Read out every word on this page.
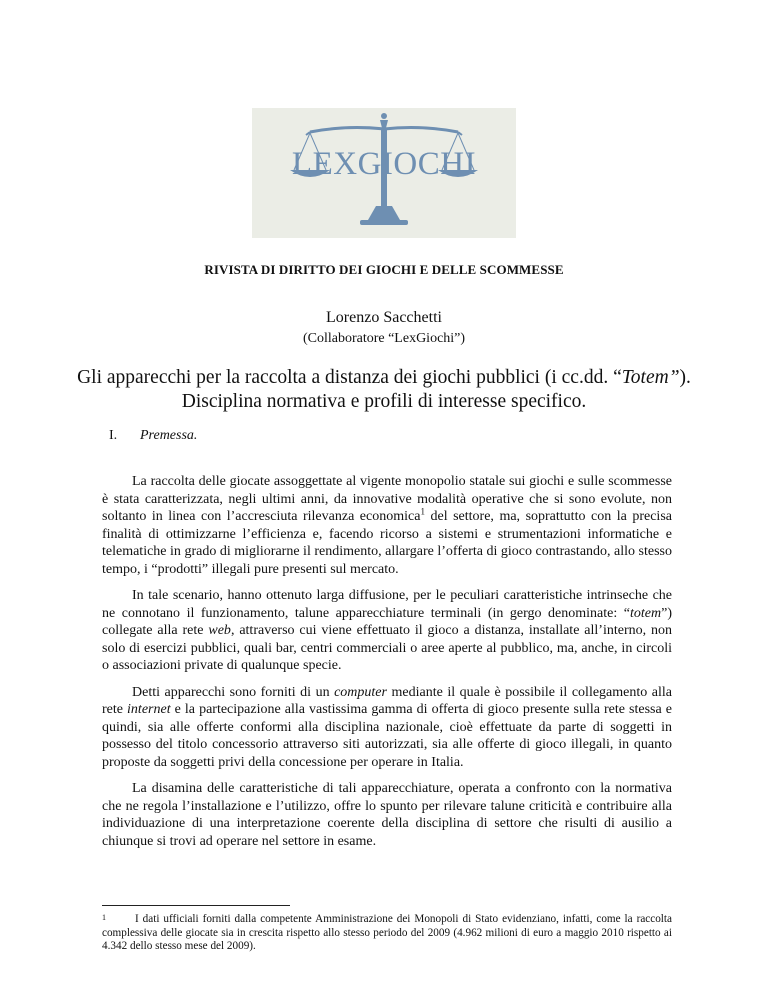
LEXGIOCHI
RIVISTA DI DIRITTO DEI GIOCHI E DELLE SCOMMESSE
Lorenzo Sacchetti
(Collaboratore “LexGiochi”)
Gli apparecchi per la raccolta a distanza dei giochi pubblici (i cc.dd. “Totem”).
Disciplina normativa e profili di interesse specifico.
I. Premessa.

La raccolta delle giocate assoggettate al vigente monopolio statale sui giochi e sulle scommesse è stata caratterizzata, negli ultimi anni, da innovative modalità operative che si sono evolute, non soltanto in linea con l’accresciuta rilevanza economica$^1$ del settore, ma, soprattutto con la precisa finalità di ottimizzarne l’efficienza e, facendo ricorso a sistemi e strumentazioni informatiche e telematiche in grado di migliorarne il rendimento, allargare l’offerta di gioco contrastando, allo stesso tempo, i “prodotti” illegali pure presenti sul mercato.

In tale scenario, hanno ottenuto larga diffusione, per le peculiari caratteristiche intrinseche che ne connotano il funzionamento, talune apparecchiature terminali (in gergo denominate: “totem”) collegate alla rete web, attraverso cui viene effettuato il gioco a distanza, installate all’interno, non solo di esercizi pubblici, quali bar, centri commerciali o aree aperte al pubblico, ma, anche, in circoli o associazioni private di qualunque specie.

Detti apparecchi sono forniti di un computer mediante il quale è possibile il collegamento alla rete internet e la partecipazione alla vastissima gamma di offerta di gioco presente sulla rete stessa e quindi, sia alle offerte conformi alla disciplina nazionale, cioè effettuate da parte di soggetti in possesso del titolo concessorio attraverso siti autorizzati, sia alle offerte di gioco illegali, in quanto proposte da soggetti privi della concessione per operare in Italia.

La disamina delle caratteristiche di tali apparecchiature, operata a confronto con la normativa che ne regola l’installazione e l’utilizzo, offre lo spunto per rilevare talune criticità e contribuire alla individuazione di una interpretazione coerente della disciplina di settore che risulti di ausilio a chiunque si trovi ad operare nel settore in esame.

1	I dati ufficiali forniti dalla competente Amministrazione dei Monopoli di Stato evidenziano, infatti, come la raccolta complessiva delle giocate sia in crescita rispetto allo stesso periodo del 2009 (4.962 milioni di euro a maggio 2010 rispetto ai 4.342 dello stesso mese del 2009).
